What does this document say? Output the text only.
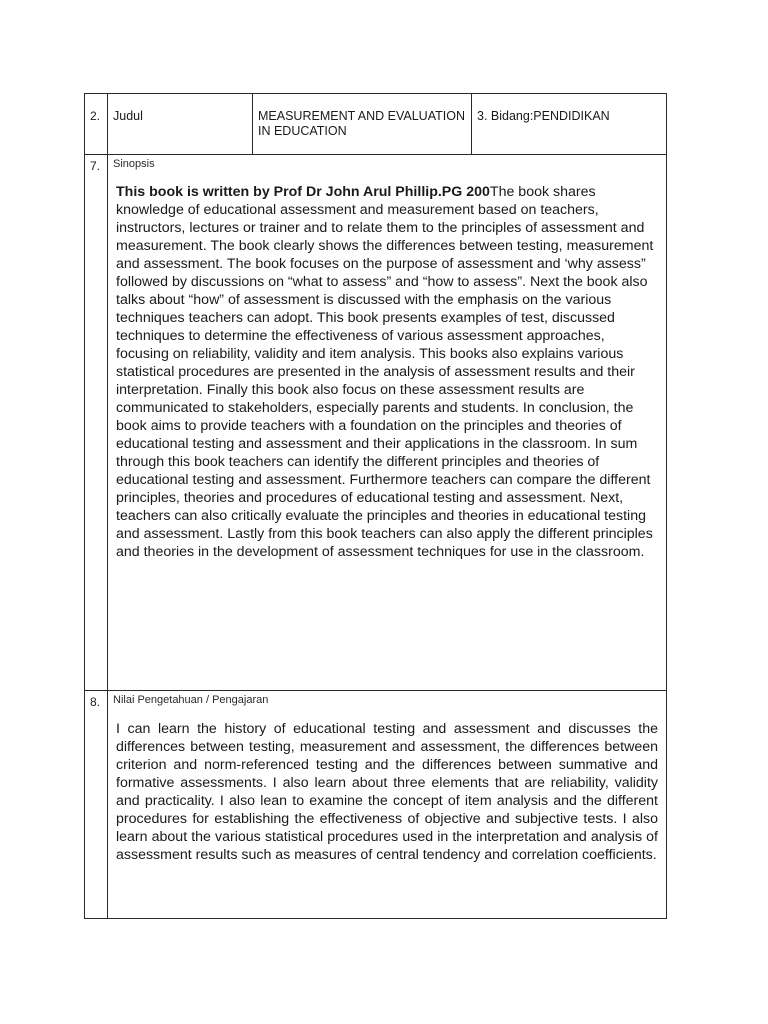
2.	Judul	MEASUREMENT AND EVALUATION IN EDUCATION	3. Bidang:PENDIDIKAN
7.	Sinopsis
This book is written by Prof Dr John Arul Phillip.PG 200The book shares knowledge of educational assessment and measurement based on teachers, instructors, lectures or trainer and to relate them to the principles of assessment and measurement. The book clearly shows the differences between testing, measurement and assessment. The book focuses on the purpose of assessment and ‘why assess” followed by discussions on “what to assess” and “how to assess”. Next the book also talks about “how” of assessment is discussed with the emphasis on the various techniques teachers can adopt. This book presents examples of test, discussed techniques to determine the effectiveness of various assessment approaches, focusing on reliability, validity and item analysis. This books also explains various statistical procedures are presented in the analysis of assessment results and their interpretation. Finally this book also focus on these assessment results are communicated to stakeholders, especially parents and students. In conclusion, the book aims to provide teachers with a foundation on the principles and theories of educational testing and assessment and their applications in the classroom. In sum through this book teachers can identify the different principles and theories of educational testing and assessment. Furthermore teachers can compare the different principles, theories and procedures of educational testing and assessment. Next, teachers can also critically evaluate the principles and theories in educational testing and assessment. Lastly from this book teachers can also apply the different principles and theories in the development of assessment techniques for use in the classroom.		

8.	Nilai Pengetahuan / Pengajaran
I can learn the history of educational testing and assessment and discusses the differences between testing, measurement and assessment, the differences between criterion and norm-referenced testing and the differences between summative and formative assessments. I also learn about three elements that are reliability, validity and practicality. I also lean to examine the concept of item analysis and the different procedures for establishing the effectiveness of objective and subjective tests. I also learn about the various statistical procedures used in the interpretation and analysis of assessment results such as measures of central tendency and correlation coefficients.		
